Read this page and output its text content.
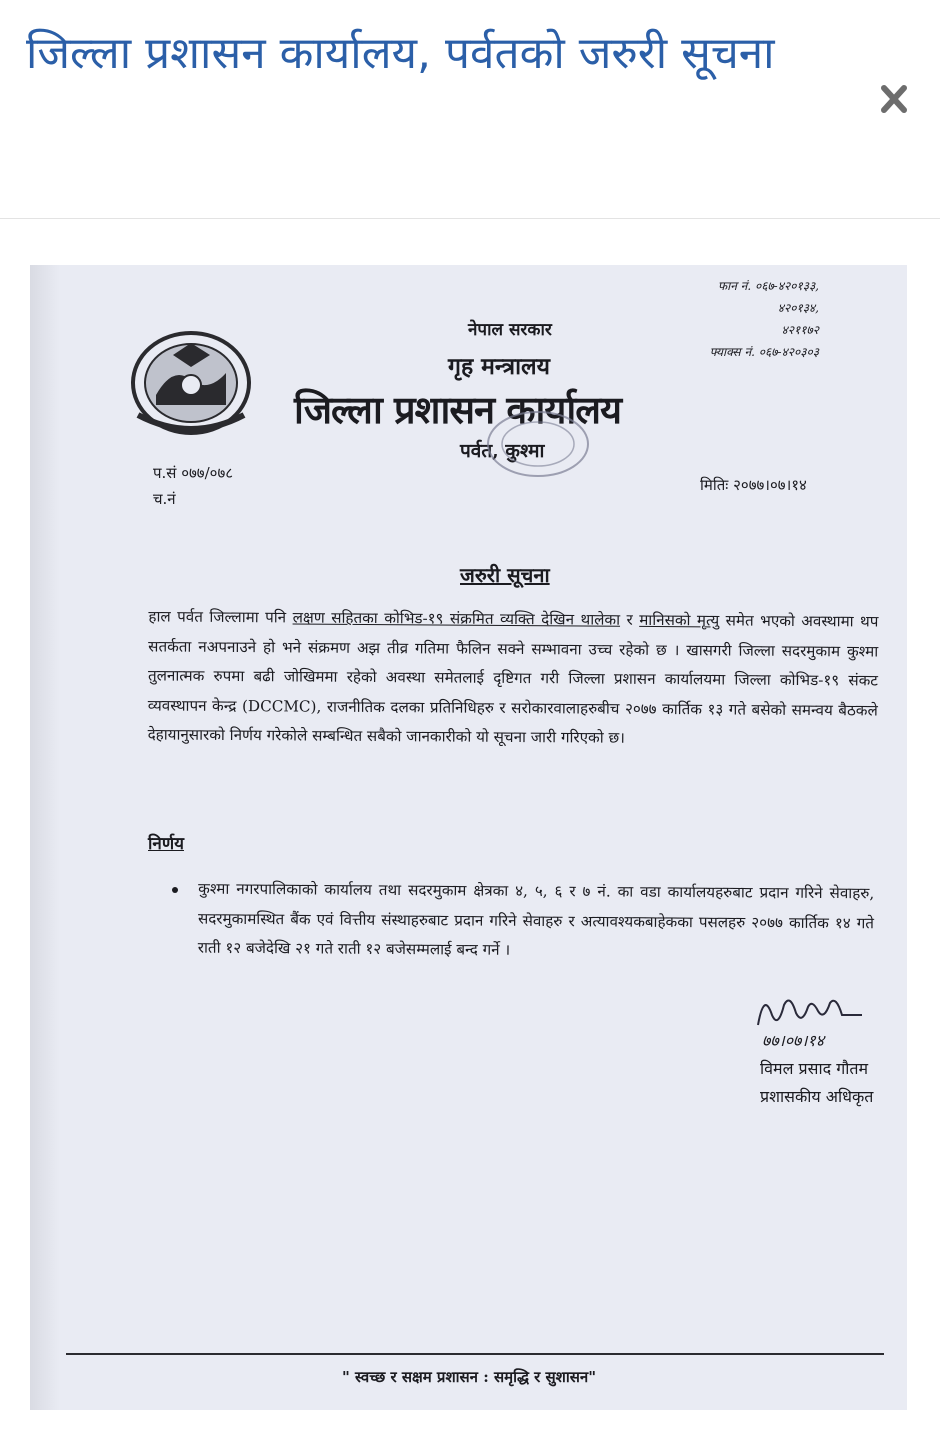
जिल्ला प्रशासन कार्यालय, पर्वतको जरुरी सूचना
फान नं. ०६७-४२०१३३,
४२०१३४,
४२११७२
फ्याक्स नं. ०६७-४२०३०३
नेपाल सरकार
गृह मन्त्रालय
जिल्ला प्रशासन कार्यालय
पर्वत, कुश्मा
प.सं ०७७/०७८
च.नं
मितिः २०७७।०७।१४
जरुरी सूचना
हाल पर्वत जिल्लामा पनि लक्षण सहितका कोभिड-१९ संक्रमित व्यक्ति देखिन थालेका र मानिसको मृत्यु समेत भएको अवस्थामा थप सतर्कता नअपनाउने हो भने संक्रमण अझ तीव्र गतिमा फैलिन सक्ने सम्भावना उच्च रहेको छ । खासगरी जिल्ला सदरमुकाम कुश्मा तुलनात्मक रुपमा बढी जोखिममा रहेको अवस्था समेतलाई दृष्टिगत गरी जिल्ला प्रशासन कार्यालयमा जिल्ला कोभिड-१९ संकट व्यवस्थापन केन्द्र (DCCMC), राजनीतिक दलका प्रतिनिधिहरु र सरोकारवालाहरुबीच २०७७ कार्तिक १३ गते बसेको समन्वय बैठकले देहायानुसारको निर्णय गरेकोले सम्बन्धित सबैको जानकारीको यो सूचना जारी गरिएको छ।
निर्णय
कुश्मा नगरपालिकाको कार्यालय तथा सदरमुकाम क्षेत्रका ४, ५, ६ र ७ नं. का वडा कार्यालयहरुबाट प्रदान गरिने सेवाहरु, सदरमुकामस्थित बैंक एवं वित्तीय संस्थाहरुबाट प्रदान गरिने सेवाहरु र अत्यावश्यकबाहेकका पसलहरु २०७७ कार्तिक १४ गते राती १२ बजेदेखि २१ गते राती १२ बजेसम्मलाई बन्द गर्ने ।
७७।०७।१४
विमल प्रसाद गौतम
प्रशासकीय अधिकृत
" स्वच्छ र सक्षम प्रशासन : समृद्धि र सुशासन"
